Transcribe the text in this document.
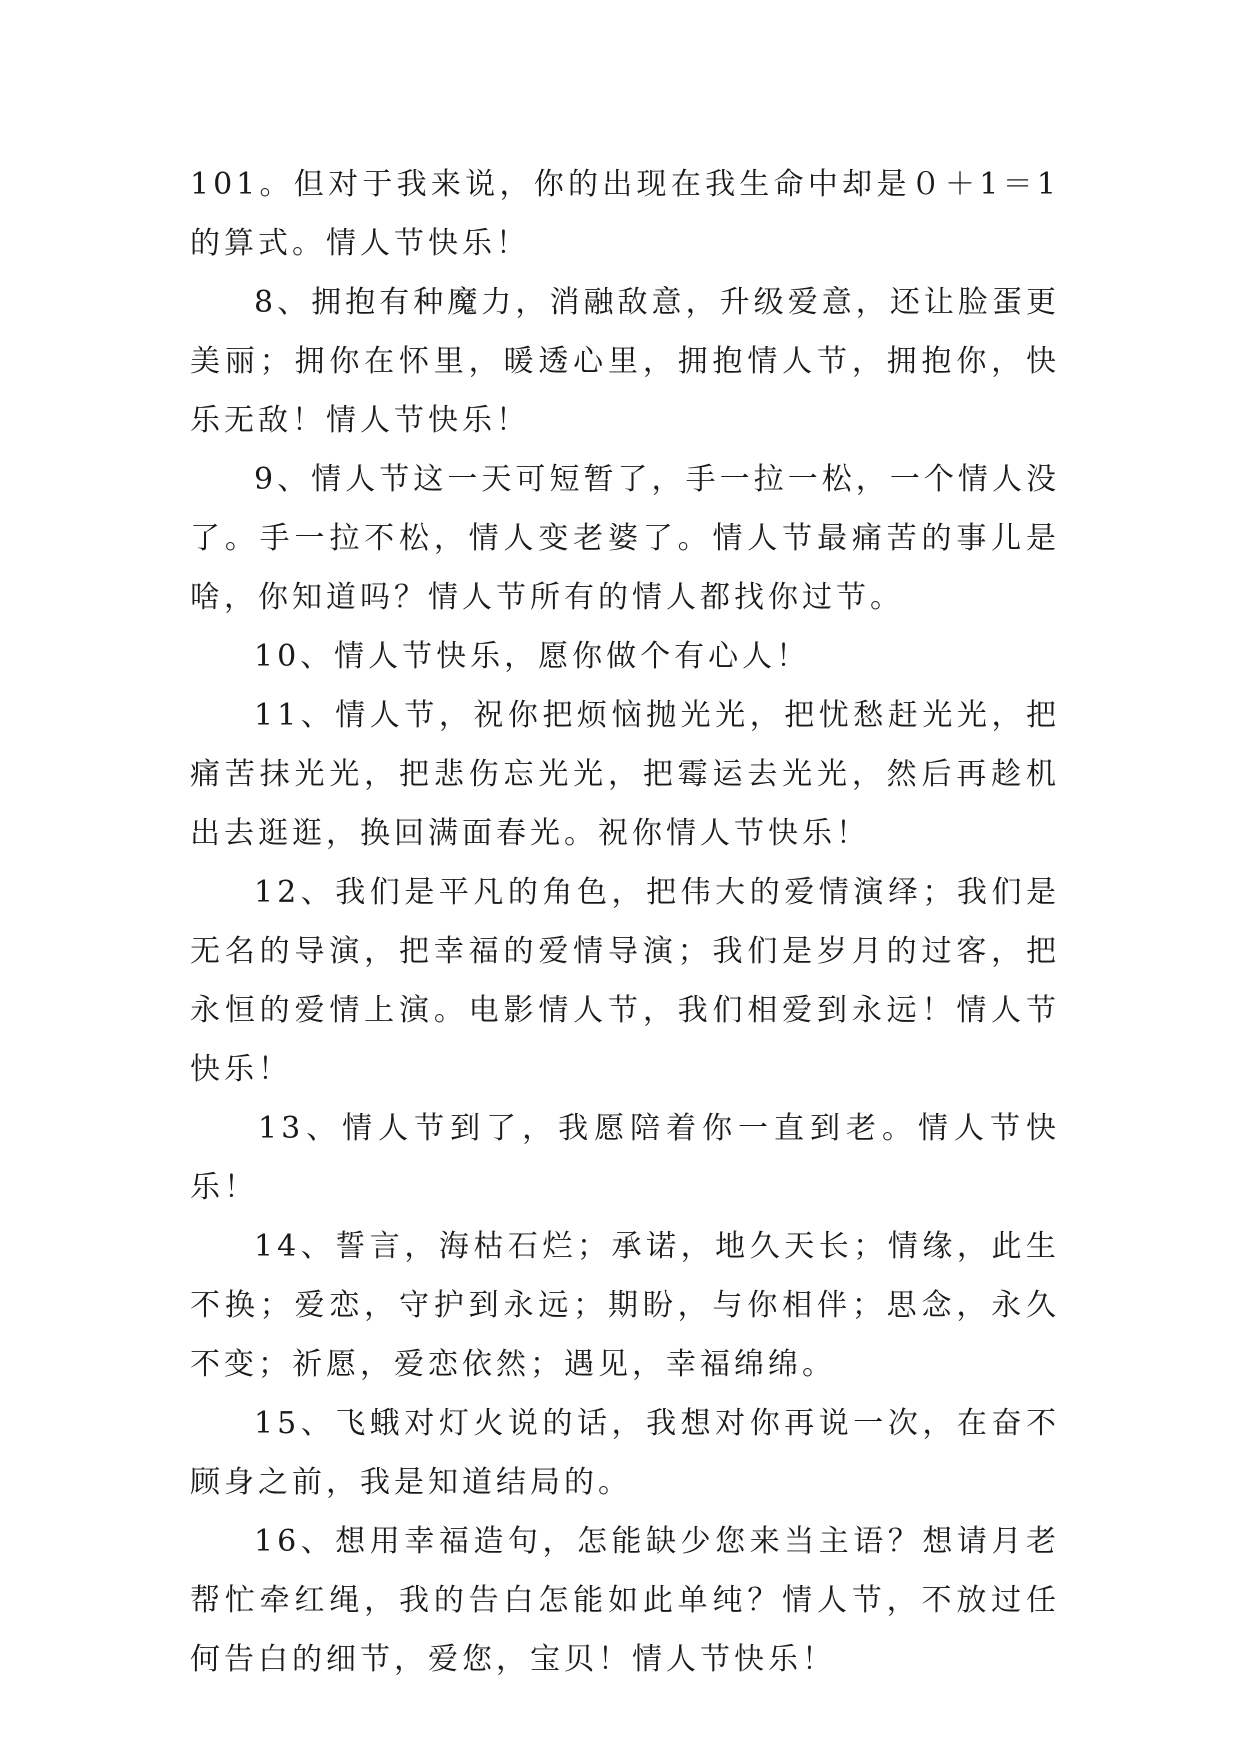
101。但对于我来说，你的出现在我生命中却是０＋1＝1 的算式。情人节快乐！

8、拥抱有种魔力，消融敌意，升级爱意，还让脸蛋更美丽；拥你在怀里，暖透心里，拥抱情人节，拥抱你，快乐无敌！情人节快乐！

9、情人节这一天可短暂了，手一拉一松，一个情人没了。手一拉不松，情人变老婆了。情人节最痛苦的事儿是啥，你知道吗？情人节所有的情人都找你过节。

10、情人节快乐，愿你做个有心人！

11、情人节，祝你把烦恼抛光光，把忧愁赶光光，把痛苦抹光光，把悲伤忘光光，把霉运去光光，然后再趁机出去逛逛，换回满面春光。祝你情人节快乐！

12、我们是平凡的角色，把伟大的爱情演绎；我们是无名的导演，把幸福的爱情导演；我们是岁月的过客，把永恒的爱情上演。电影情人节，我们相爱到永远！情人节快乐！

13、情人节到了，我愿陪着你一直到老。情人节快乐！

14、誓言，海枯石烂；承诺，地久天长；情缘，此生不换；爱恋，守护到永远；期盼，与你相伴；思念，永久不变；祈愿，爱恋依然；遇见，幸福绵绵。

15、飞蛾对灯火说的话，我想对你再说一次，在奋不顾身之前，我是知道结局的。

16、想用幸福造句，怎能缺少您来当主语？想请月老帮忙牵红绳，我的告白怎能如此单纯？情人节，不放过任何告白的细节，爱您，宝贝！情人节快乐！
